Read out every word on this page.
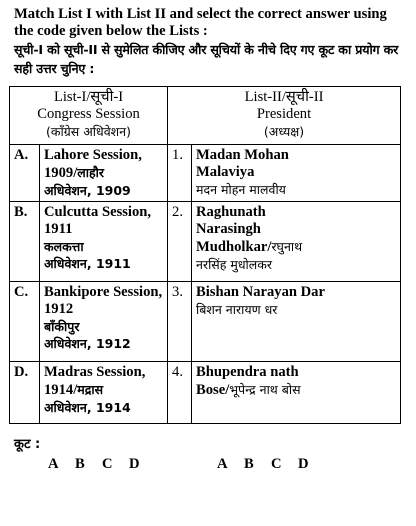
Match List I with List II and select the correct answer using the code given below the Lists :
सूची-I को सूची-II से सुमेलित कीजिए और सूचियों के नीचे दिए गए कूट का प्रयोग कर सही उत्तर चुनिए :
List-I/सूची-I
Congress Session
(कॉंग्रेस अधिवेशन)		List-II/सूची-II
President
(अध्यक्ष)	

A.	Lahore Session, 1909/लाहौर
अधिवेशन, 1909	1.	Madan Mohan
Malaviya
मदन मोहन मालवीय

B.	Culcutta Session, 1911
कलकत्ता
अधिवेशन, 1911	2.	Raghunath
Narasingh
Mudholkar/रघुनाथ
नरसिंह मुधोलकर

C.	Bankipore Session, 1912
बाँकीपुर
अधिवेशन, 1912	3.	Bishan Narayan Dar
बिशन नारायण धर

D.	Madras Session, 1914/मद्रास
अधिवेशन, 1914	4.	Bhupendra nath
Bose/भूपेन्द्र नाथ बोस
कूट :
A B C D	A B C D
